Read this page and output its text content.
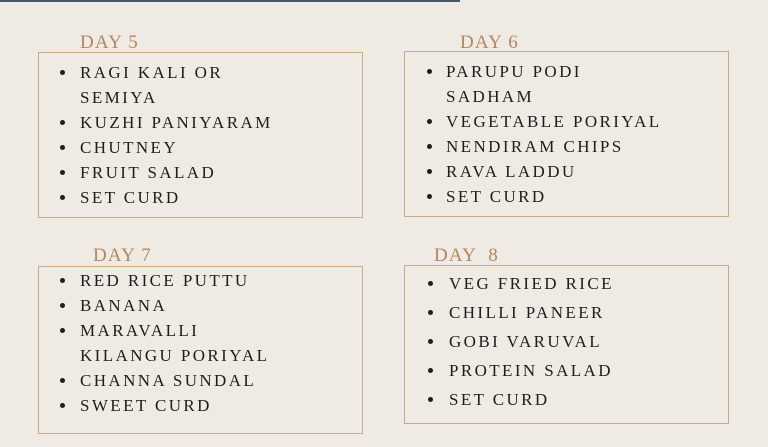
DAY 5
RAGI KALI OR
SEMIYA
KUZHI PANIYARAM
CHUTNEY
FRUIT SALAD
SET CURD
DAY 6
PARUPU PODI
SADHAM
VEGETABLE PORIYAL
NENDIRAM CHIPS
RAVA LADDU
SET CURD
DAY 7
RED RICE PUTTU
BANANA
MARAVALLI
KILANGU PORIYAL
CHANNA SUNDAL
SWEET CURD
DAY  8
VEG FRIED RICE
CHILLI PANEER
GOBI VARUVAL
PROTEIN SALAD
SET CURD
